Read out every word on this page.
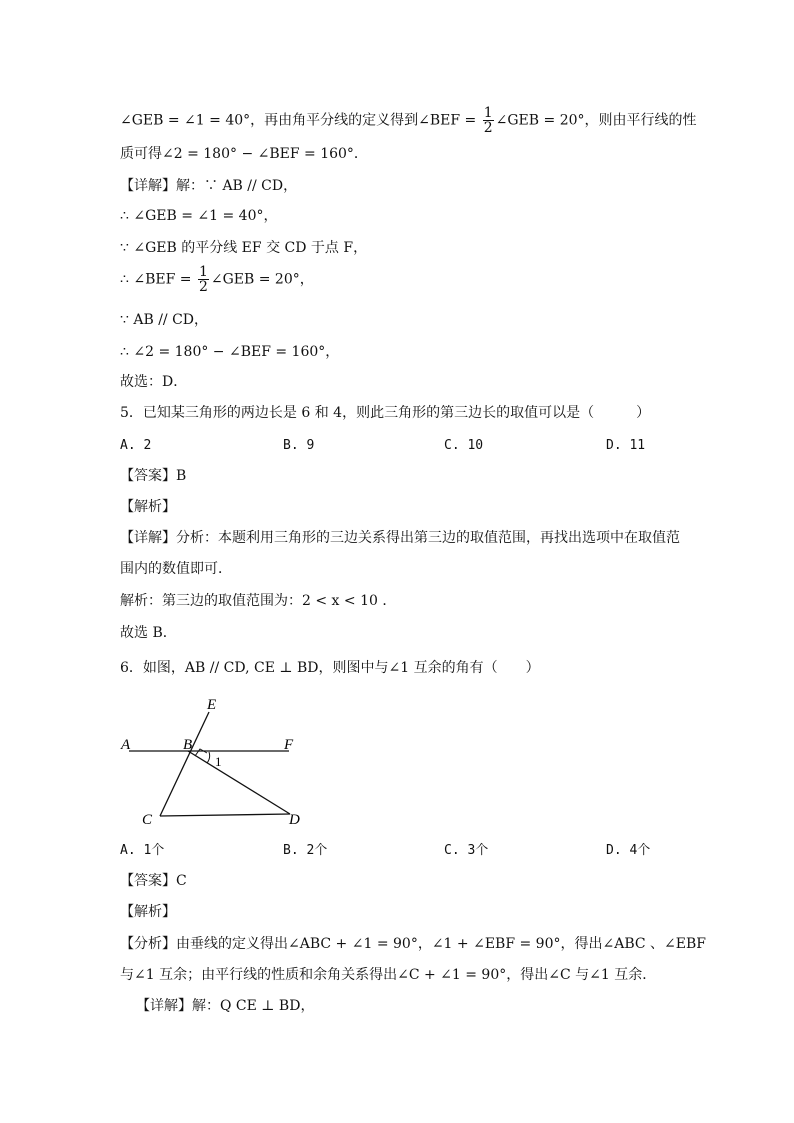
∠GEB = ∠1 = 40°，再由角平分线的定义得到∠BEF = $\frac{1}{2}$ ∠GEB = 20°，则由平行线的性
质可得∠2 = 180° − ∠BEF = 160°．
【详解】解：∵ AB // CD，
∴ ∠GEB = ∠1 = 40°，
∵ ∠GEB 的平分线 EF 交 CD 于点 F，
∴ ∠BEF = $\frac{1}{2}$ ∠GEB = 20°，
∵ AB // CD，
∴ ∠2 = 180° − ∠BEF = 160°，
故选：D．
5．已知某三角形的两边长是 6 和 4，则此三角形的第三边长的取值可以是（　　　）
A. 2	B. 9	C. 10	D. 11
【答案】B
【解析】
【详解】分析：本题利用三角形的三边关系得出第三边的取值范围，再找出选项中在取值范
围内的数值即可．
解析：第三边的取值范围为：2 < x < 10 ．
故选 B．
6．如图，AB // CD, CE ⊥ BD，则图中与∠1 互余的角有（　　）
E
A	B	F
1
C	D
A. 1个	B. 2个	C. 3个	D. 4个
【答案】C
【解析】
【分析】由垂线的定义得出∠ABC + ∠1 = 90°，∠1 + ∠EBF = 90°，得出∠ABC 、∠EBF
与∠1 互余；由平行线的性质和余角关系得出∠C + ∠1 = 90°，得出∠C 与∠1 互余．
【详解】解：Q CE ⊥ BD，
